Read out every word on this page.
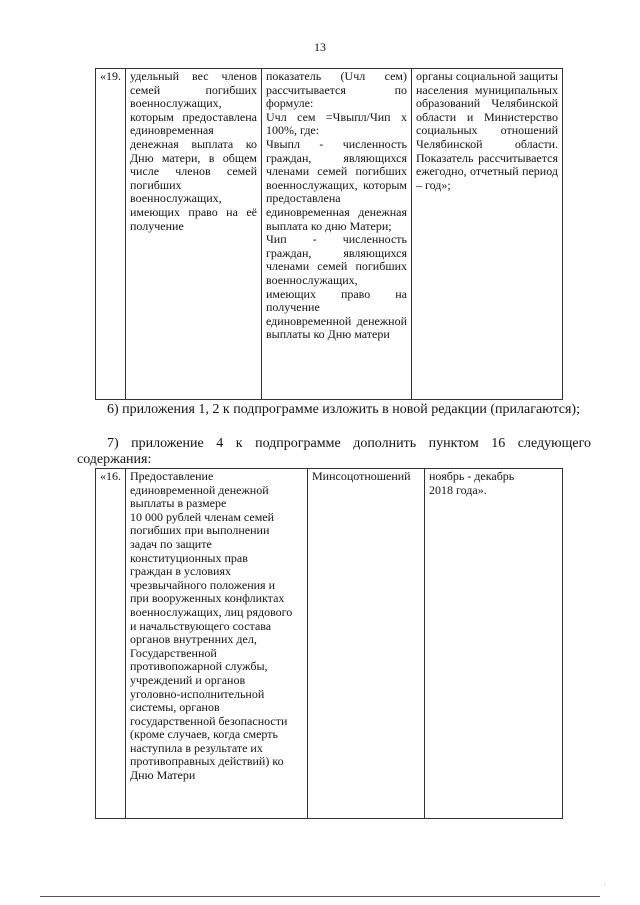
13
«19.	удельный вес членов семей погибших военнослужащих, которым предоставлена единовременная денежная выплата ко Дню матери, в общем числе членов семей погибших военнослужащих, имеющих право на её получение	показатель (Uчл сем) рассчитывается по формуле:
Uчл сем =Чвыпл/Чип х 100%, где:
Чвыпл - численность граждан, являющихся членами семей погибших военнослужащих, которым предоставлена единовременная денежная выплата ко дню Матери;
Чип - численность граждан, являющихся членами семей погибших военнослужащих, имеющих право на получение единовременной денежной выплаты ко Дню матери	органы социальной защиты населения муниципальных образований Челябинской области и Министерство социальных отношений Челябинской области. Показатель рассчитывается ежегодно, отчетный период – год»;
6) приложения 1, 2 к подпрограмме изложить в новой редакции (прилагаются);
7) приложение 4 к подпрограмме дополнить пунктом 16 следующего содержания:
«16.	Предоставление
единовременной денежной
выплаты в размере
10 000 рублей членам семей
погибших при выполнении
задач по защите
конституционных прав
граждан в условиях
чрезвычайного положения и
при вооруженных конфликтах
военнослужащих, лиц рядового
и начальствующего состава
органов внутренних дел,
Государственной
противопожарной службы,
учреждений и органов
уголовно-исполнительной
системы, органов
государственной безопасности
(кроме случаев, когда смерть
наступила в результате их
противоправных действий) ко
Дню Матери	Минсоцотношений	ноябрь - декабрь
2018 года».
·
